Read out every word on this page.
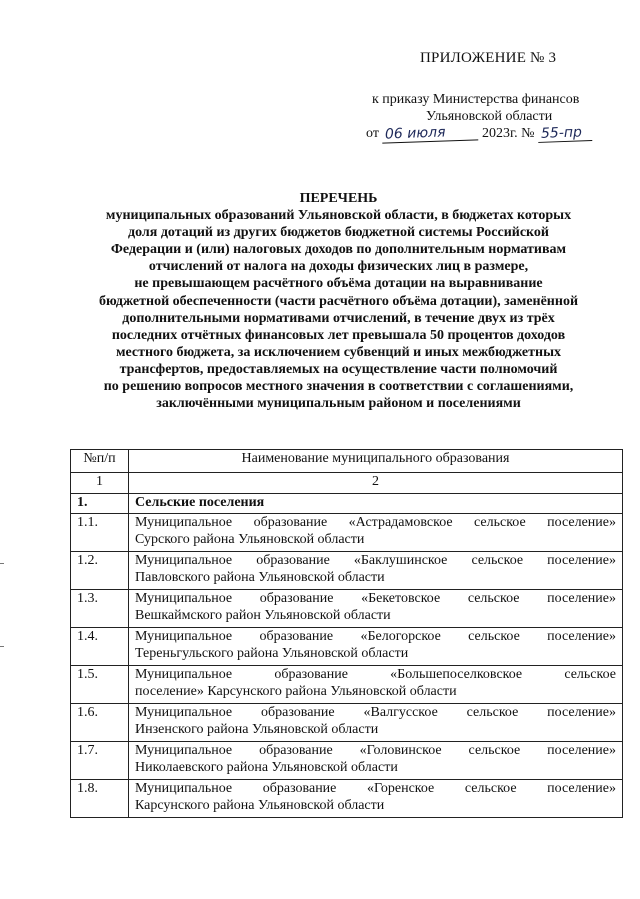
ПРИЛОЖЕНИЕ № 3
к приказу Министерства финансов
Ульяновской области
от 06 июля	2023г. № 55-пр
ПЕРЕЧЕНЬ
муниципальных образований Ульяновской области, в бюджетах которых
доля дотаций из других бюджетов бюджетной системы Российской
Федерации и (или) налоговых доходов по дополнительным нормативам
отчислений от налога на доходы физических лиц в размере,
не превышающем расчётного объёма дотации на выравнивание
бюджетной обеспеченности (части расчётного объёма дотации), заменённой
дополнительными нормативами отчислений, в течение двух из трёх
последних отчётных финансовых лет превышала 50 процентов доходов
местного бюджета, за исключением субвенций и иных межбюджетных
трансфертов, предоставляемых на осуществление части полномочий
по решению вопросов местного значения в соответствии с соглашениями,
заключёнными муниципальным районом и поселениями
№п/п	Наименование муниципального образования
1	2
1.	Сельские поселения
1.1.	Муниципальное образование «Астрадамовское сельское поселение»
Сурского района Ульяновской области

1.2.	Муниципальное образование «Баклушинское сельское поселение»
Павловского района Ульяновской области

1.3.	Муниципальное образование «Бекетовское сельское поселение»
Вешкаймского район Ульяновской области

1.4.	Муниципальное образование «Белогорское сельское поселение»
Тереньгульского района Ульяновской области

1.5.	Муниципальное образование «Большепоселковское сельское
поселение» Карсунского района Ульяновской области

1.6.	Муниципальное образование «Валгусское сельское поселение»
Инзенского района Ульяновской области

1.7.	Муниципальное образование «Головинское сельское поселение»
Николаевского района Ульяновской области

1.8.	Муниципальное образование «Горенское сельское поселение»
Карсунского района Ульяновской области
